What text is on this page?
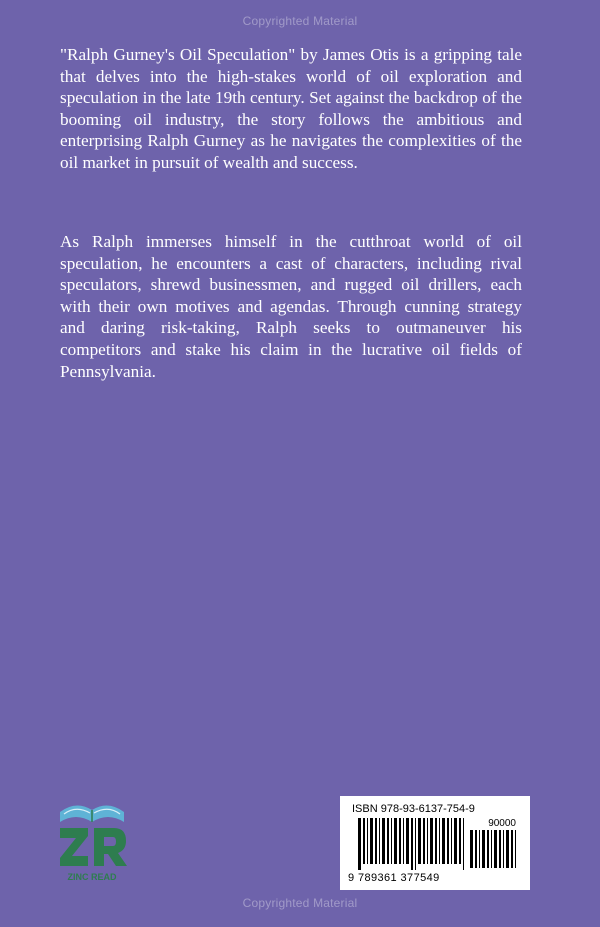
Copyrighted Material

"Ralph Gurney's Oil Speculation" by James Otis is a gripping tale that delves into the high-stakes world of oil exploration and speculation in the late 19th century. Set against the backdrop of the booming oil industry, the story follows the ambitious and enterprising Ralph Gurney as he navigates the complexities of the oil market in pursuit of wealth and success.

As Ralph immerses himself in the cutthroat world of oil speculation, he encounters a cast of characters, including rival speculators, shrewd businessmen, and rugged oil drillers, each with their own motives and agendas. Through cunning strategy and daring risk-taking, Ralph seeks to outmaneuver his competitors and stake his claim in the lucrative oil fields of Pennsylvania.

ZINC READ
ISBN 978-93-6137-754-9
90000
9 789361 377549
Copyrighted Material
